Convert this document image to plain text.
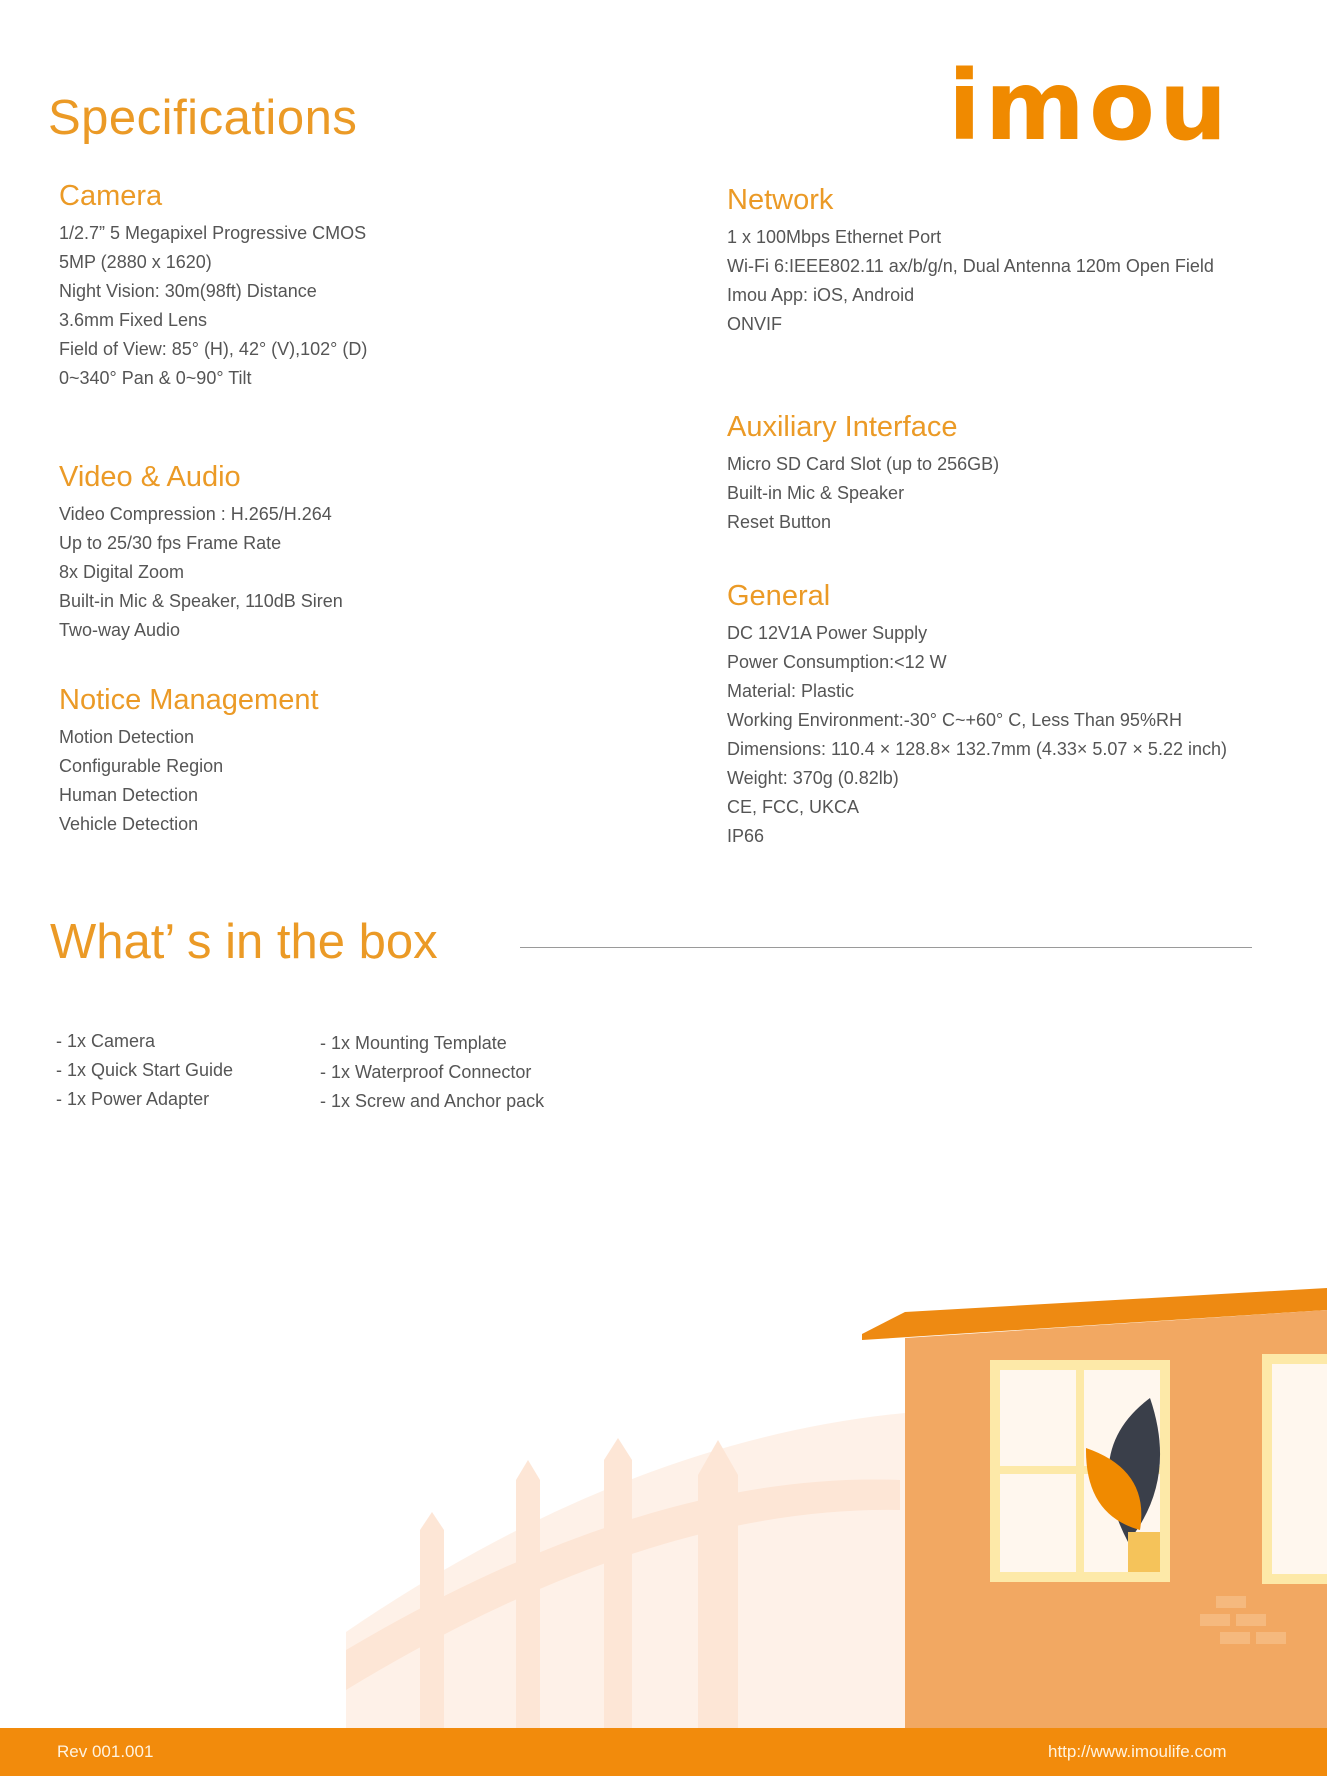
Specifications	imou
Camera
1/2.7” 5 Megapixel Progressive CMOS
5MP (2880 x 1620)
Night Vision: 30m(98ft) Distance
3.6mm Fixed Lens
Field of View: 85° (H), 42° (V),102° (D)
0~340° Pan & 0~90° Tilt
Video & Audio
Video Compression : H.265/H.264
Up to 25/30 fps Frame Rate
8x Digital Zoom
Built-in Mic & Speaker, 110dB Siren
Two-way Audio
Notice Management
Motion Detection
Configurable Region
Human Detection
Vehicle Detection
Network
1 x 100Mbps Ethernet Port
Wi-Fi 6:IEEE802.11 ax/b/g/n, Dual Antenna 120m Open Field
Imou App: iOS, Android
ONVIF
Auxiliary Interface
Micro SD Card Slot (up to 256GB)
Built-in Mic & Speaker
Reset Button
General
DC 12V1A Power Supply
Power Consumption:<12 W
Material: Plastic
Working Environment:-30° C~+60° C, Less Than 95%RH
Dimensions: 110.4 × 128.8× 132.7mm (4.33× 5.07 × 5.22 inch)
Weight: 370g (0.82lb)
CE, FCC, UKCA
IP66
What’ s in the box
- 1x Camera
- 1x Quick Start Guide
- 1x Power Adapter
- 1x Mounting Template
- 1x Waterproof Connector
- 1x Screw and Anchor pack
Rev 001.001	http://www.imoulife.com
